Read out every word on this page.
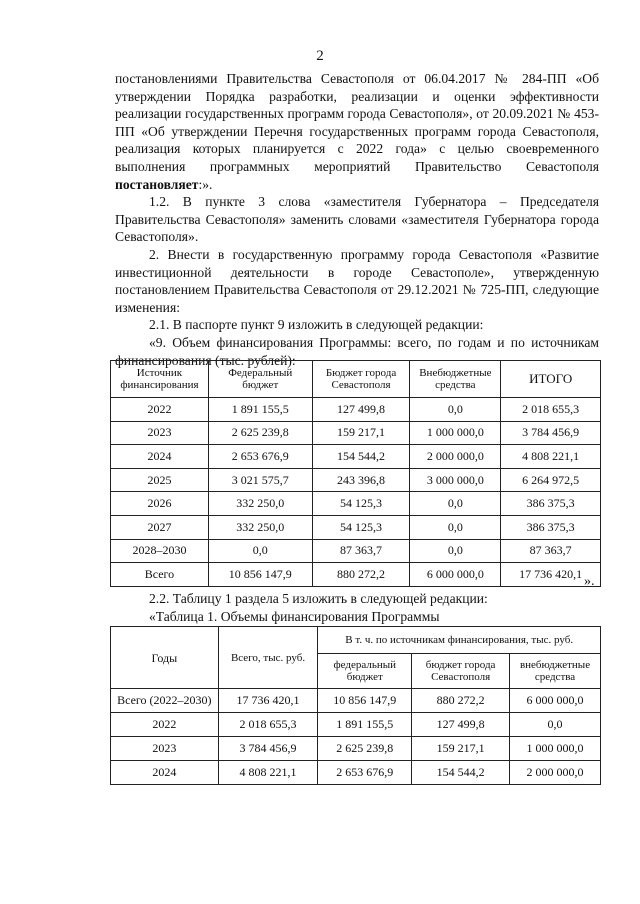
2

постановлениями Правительства Севастополя от 06.04.2017 № 284-ПП «Об утверждении Порядка разработки, реализации и оценки эффективности реализации государственных программ города Севастополя», от 20.09.2021 № 453-ПП «Об утверждении Перечня государственных программ города Севастополя, реализация которых планируется с 2022 года» с целью своевременного выполнения программных мероприятий Правительство Севастополя постановляет:».

1.2. В пункте 3 слова «заместителя Губернатора – Председателя Правительства Севастополя» заменить словами «заместителя Губернатора города Севастополя».

2. Внести в государственную программу города Севастополя «Развитие инвестиционной деятельности в городе Севастополе», утвержденную постановлением Правительства Севастополя от 29.12.2021 № 725-ПП, следующие изменения:

2.1. В паспорте пункт 9 изложить в следующей редакции:

«9. Объем финансирования Программы: всего, по годам и по источникам финансирования (тыс. рублей):

Источник финансирования	Федеральный бюджет	Бюджет города Севастополя	Внебюджетные средства	ИТОГО
2022	1 891 155,5	127 499,8	0,0	2 018 655,3
2023	2 625 239,8	159 217,1	1 000 000,0	3 784 456,9
2024	2 653 676,9	154 544,2	2 000 000,0	4 808 221,1
2025	3 021 575,7	243 396,8	3 000 000,0	6 264 972,5
2026	332 250,0	54 125,3	0,0	386 375,3
2027	332 250,0	54 125,3	0,0	386 375,3
2028–2030	0,0	87 363,7	0,0	87 363,7
Всего	10 856 147,9	880 272,2	6 000 000,0	17 736 420,1
».

2.2. Таблицу 1 раздела 5 изложить в следующей редакции:

«Таблица 1. Объемы финансирования Программы

Годы	Всего, тыс. руб.	В т. ч. по источникам финансирования, тыс. руб.		
		федеральный бюджет	бюджет города Севастополя	внебюджетные средства
Всего (2022–2030)	17 736 420,1	10 856 147,9	880 272,2	6 000 000,0
2022	2 018 655,3	1 891 155,5	127 499,8	0,0
2023	3 784 456,9	2 625 239,8	159 217,1	1 000 000,0
2024	4 808 221,1	2 653 676,9	154 544,2	2 000 000,0
